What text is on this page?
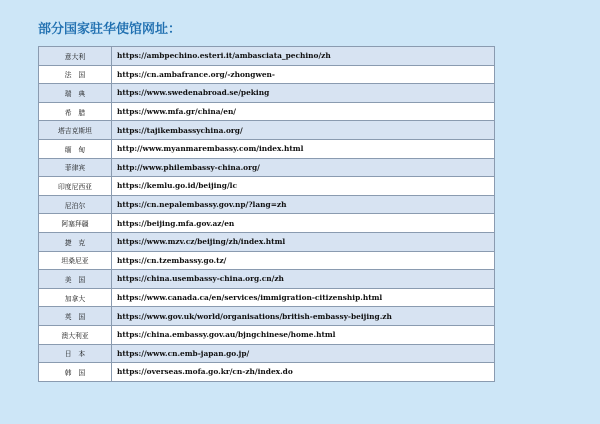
部分国家驻华使馆网址：
意大利	https://ambpechino.esteri.it/ambasciata_pechino/zh
法　国	https://cn.ambafrance.org/-zhongwen-
瑞　典	https://www.swedenabroad.se/peking
希　腊	https://www.mfa.gr/china/en/
塔吉克斯坦	https://tajikembassychina.org/
缅　甸	http://www.myanmarembassy.com/index.html
菲律宾	http://www.philembassy-china.org/
印度尼西亚	https://kemlu.go.id/beijing/lc
尼泊尔	https://cn.nepalembassy.gov.np/?lang=zh
阿塞拜疆	https://beijing.mfa.gov.az/en
捷　克	https://www.mzv.cz/beijing/zh/index.html
坦桑尼亚	https://cn.tzembassy.go.tz/
美　国	https://china.usembassy-china.org.cn/zh
加拿大	https://www.canada.ca/en/services/immigration-citizenship.html
英　国	https://www.gov.uk/world/organisations/british-embassy-beijing.zh
澳大利亚	https://china.embassy.gov.au/bjngchinese/home.html
日　本	https://www.cn.emb-japan.go.jp/
韩　国	https://overseas.mofa.go.kr/cn-zh/index.do
